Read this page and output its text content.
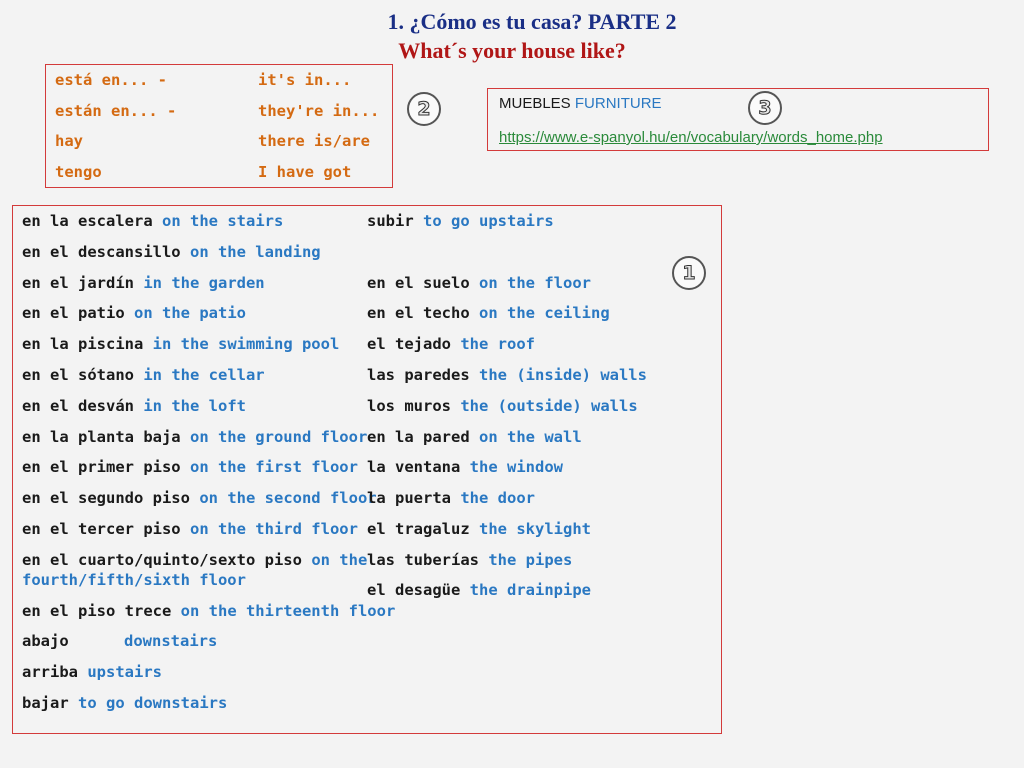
1. ¿Cómo es tu casa? PARTE 2
What´s your house like?
está en... -	it's in...
están en... -	they're in...
hay	there is/are
tengo	I have got
MUEBLES FURNITURE
https://www.e-spanyol.hu/en/vocabulary/words_home.php
1
2	3
en la escalera on the stairs
en el descansillo on the landing
en el jardín in the garden
en el patio on the patio
en la piscina in the swimming pool
en el sótano in the cellar
en el desván in the loft
en la planta baja on the ground floor
en el primer piso on the first floor
en el segundo piso on the second floor
en el tercer piso on the third floor
en el cuarto/quinto/sexto piso on the
fourth/fifth/sixth floor
en el piso trece on the thirteenth floor
abajo	downstairs
arriba upstairs
bajar to go downstairs
subir to go upstairs
en el suelo on the floor
en el techo on the ceiling
el tejado the roof
las paredes the (inside) walls
los muros the (outside) walls
en la pared on the wall
la ventana the window
la puerta the door
el tragaluz the skylight
las tuberías the pipes
el desagüe the drainpipe
